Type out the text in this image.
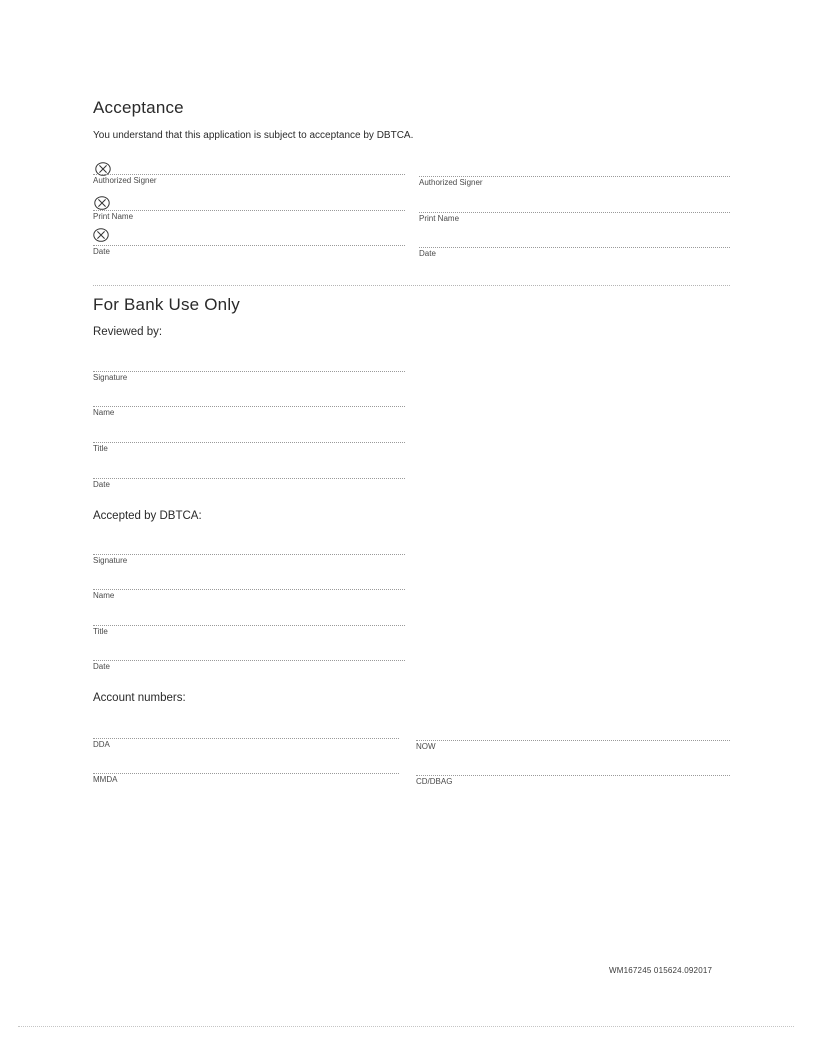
Acceptance
You understand that this application is subject to acceptance by DBTCA.
Authorized Signer
Print Name
Date
Authorized Signer
Print Name
Date
For Bank Use Only
Reviewed by:
Signature
Name
Title
Date
Accepted by DBTCA:
Signature
Name
Title
Date
Account numbers:
DDA
MMDA
NOW
CD/DBAG
WM167245 015624.092017
